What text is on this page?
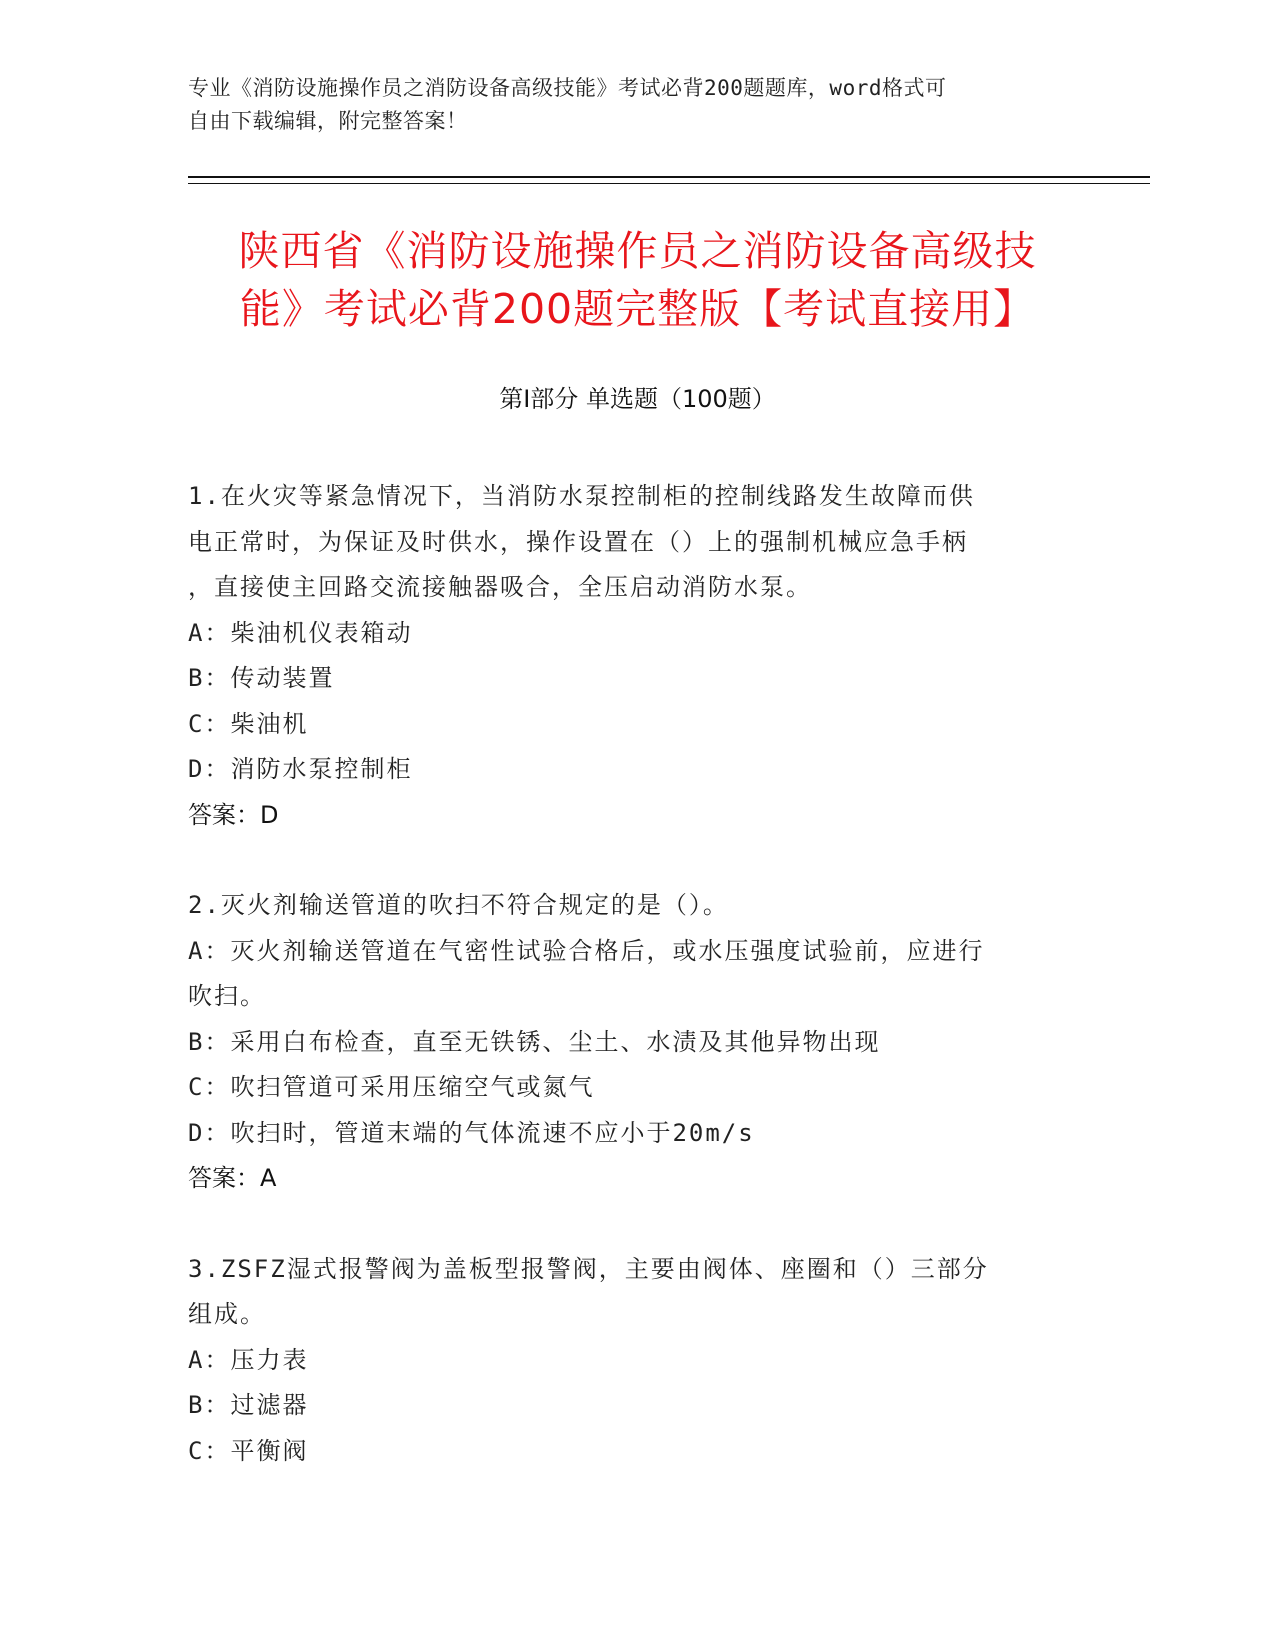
专业《消防设施操作员之消防设备高级技能》考试必背200题题库，word格式可
自由下载编辑，附完整答案！
陕西省《消防设施操作员之消防设备高级技
能》考试必背200题完整版【考试直接用】
第I部分 单选题（100题）

1.在火灾等紧急情况下，当消防水泵控制柜的控制线路发生故障而供

电正常时，为保证及时供水，操作设置在（）上的强制机械应急手柄

，直接使主回路交流接触器吸合，全压启动消防水泵。

A：柴油机仪表箱动

B：传动装置

C：柴油机

D：消防水泵控制柜

答案：D

2.灭火剂输送管道的吹扫不符合规定的是（）。

A：灭火剂输送管道在气密性试验合格后，或水压强度试验前，应进行

吹扫。

B：采用白布检查，直至无铁锈、尘土、水渍及其他异物出现

C：吹扫管道可采用压缩空气或氮气

D：吹扫时，管道末端的气体流速不应小于20m/s

答案：A

3.ZSFZ湿式报警阀为盖板型报警阀，主要由阀体、座圈和（）三部分

组成。

A：压力表

B：过滤器

C：平衡阀
